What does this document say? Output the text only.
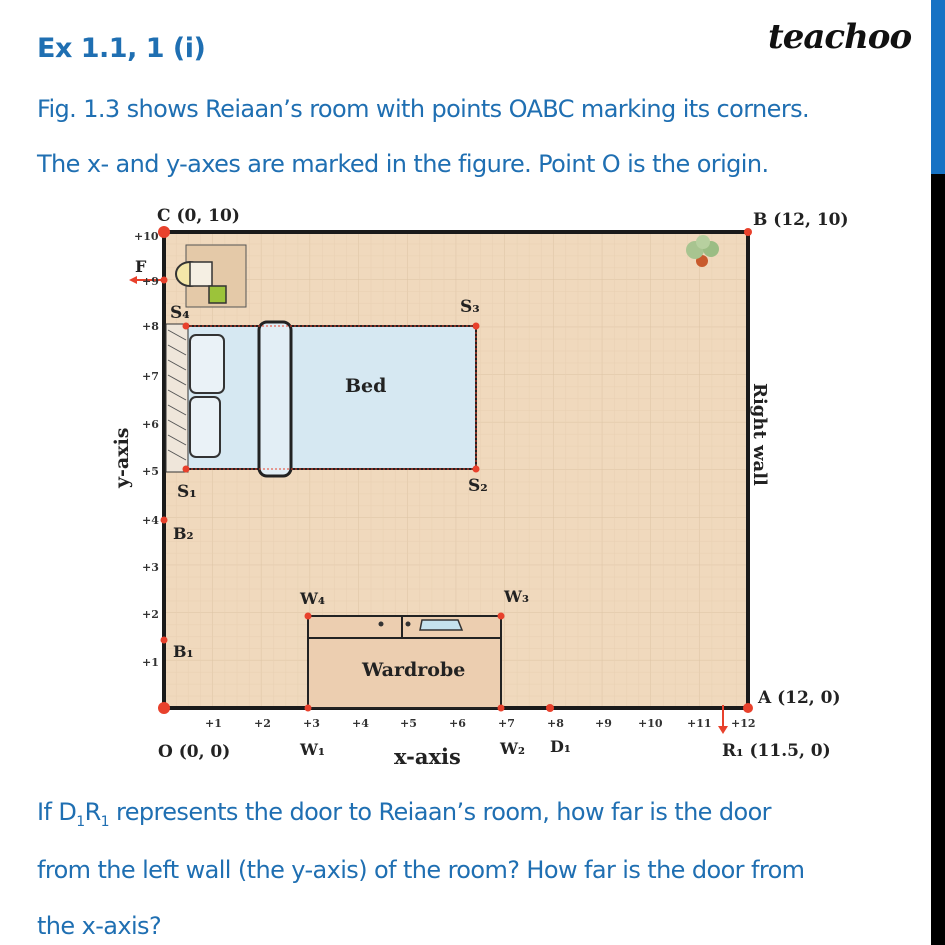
Ex 1.1, 1 (i)	teachoo
Fig. 1.3 shows Reiaan’s room with points OABC marking its corners.
The x- and y-axes are marked in the figure. Point O is the origin.
Bed
Wardrobe
C (0, 10)	B (12, 10)
A (12, 0)
O (0, 0)	R₁ (11.5, 0)
x-axis
y-axis	Right wall
F
S₄	S₃
S₁	S₂
B₂
B₁
W₄	W₃
W₁	W₂ D₁
+1	+2	+3	+4	+5	+6	+7	+8	+9 +10 +11 +12
+1
+2
+3
+4
+5
+6
+7
+8
+9
+10
If $D_1R_1$ represents the door to Reiaan’s room, how far is the door
from the left wall (the y-axis) of the room? How far is the door from
the x-axis?
